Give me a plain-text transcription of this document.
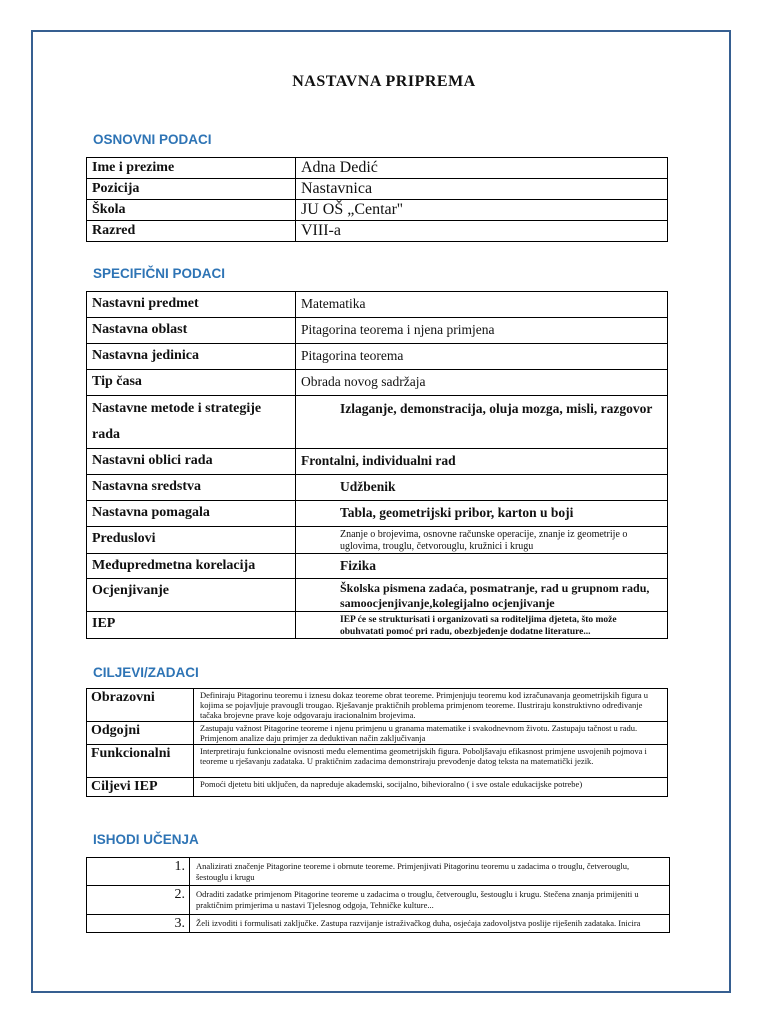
NASTAVNA PRIPREMA
OSNOVNI PODACI
Ime i prezime	Adna Dedić
Pozicija	Nastavnica
Škola	JU OŠ „Centar''
Razred	VIII-a
SPECIFIČNI PODACI
Nastavni predmet	Matematika
Nastavna oblast	Pitagorina teorema i njena primjena
Nastavna jedinica	Pitagorina teorema
Tip časa	Obrada novog sadržaja
Nastavne metode i strategije rada	Izlaganje, demonstracija, oluja mozga, misli, razgovor
Nastavni oblici rada	Frontalni, individualni rad
Nastavna sredstva	Udžbenik
Nastavna pomagala	Tabla, geometrijski pribor, karton u boji
Preduslovi	Znanje o brojevima, osnovne računske operacije, znanje iz geometrije o uglovima, trouglu, četvorouglu, kružnici i krugu
Međupredmetna korelacija	Fizika
Ocjenjivanje	Školska pismena zadaća, posmatranje, rad u grupnom radu, samoocjenjivanje,kolegijalno ocjenjivanje
IEP	IEP će se strukturisati i organizovati sa roditeljima djeteta, što može obuhvatati pomoć pri radu, obezbjeđenje dodatne literature...
CILJEVI/ZADACI
Obrazovni	Definiraju Pitagorinu teoremu i iznesu dokaz teoreme obrat teoreme. Primjenjuju teoremu kod izračunavanja geometrijskih figura u kojima se pojavljuje pravougli trougao. Rješavanje praktičnih problema primjenom teoreme. Ilustriraju konstruktivno određivanje tačaka brojevne prave koje odgovaraju iracionalnim brojevima.
Odgojni	Zastupaju važnost Pitagorine teoreme i njenu primjenu u granama matematike i svakodnevnom životu. Zastupaju tačnost u radu. Primjenom analize daju primjer za deduktivan način zaključivanja
Funkcionalni	Interpretiraju funkcionalne ovisnosti među elementima geometrijskih figura. Poboljšavaju efikasnost primjene usvojenih pojmova i teoreme u rješavanju zadataka. U praktičnim zadacima demonstriraju prevođenje datog teksta na matematički jezik.
Ciljevi IEP	Pomoći djetetu biti uključen, da napreduje akademski, socijalno, bihevioralno ( i sve ostale edukacijske potrebe)
ISHODI UČENJA
1.	Analizirati značenje Pitagorine teoreme i obrnute teoreme. Primjenjivati Pitagorinu teoremu u zadacima o trouglu, četverouglu, šestouglu i krugu
2.	Odraditi zadatke primjenom Pitagorine teoreme u zadacima o trouglu, četverouglu, šestouglu i krugu. Stečena znanja primijeniti u praktičnim primjerima u nastavi Tjelesnog odgoja, Tehničke kulture...
3.	Želi izvoditi i formulisati zaključke. Zastupa razvijanje istraživačkog duha, osjećaja zadovoljstva poslije riješenih zadataka. Inicira
